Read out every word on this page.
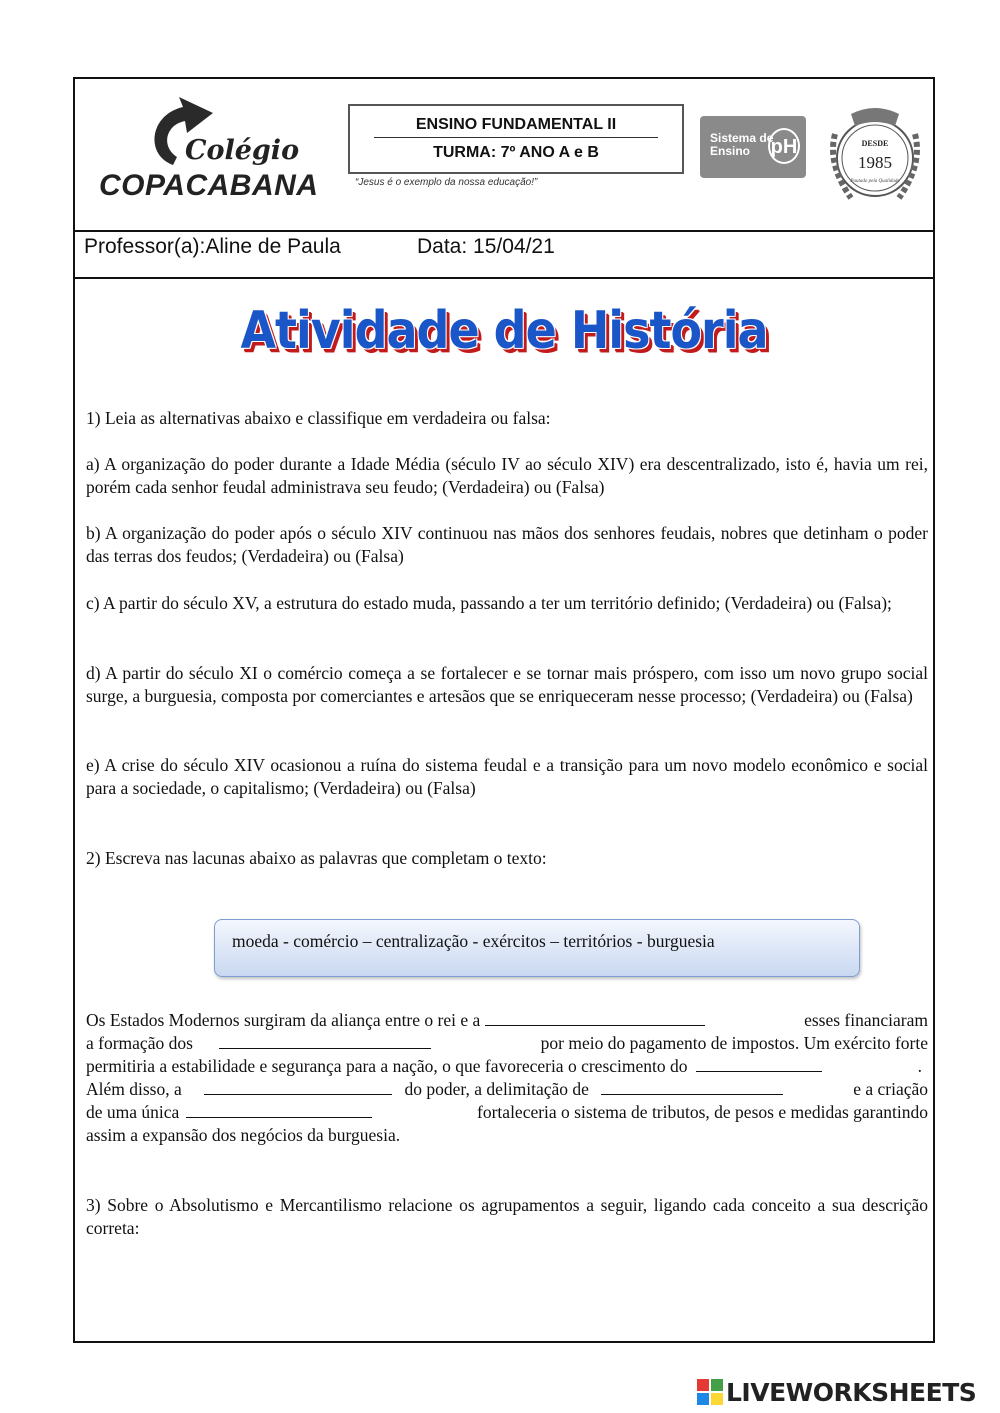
Colégio
COPACABANA
ENSINO FUNDAMENTAL II
TURMA: 7º ANO A e B
“Jesus é o exemplo da nossa educação!”
Sistema de Ensino	pH	DESDE
1985
Pautado pela Qualidade
Professor(a):Aline de Paula	Data: 15/04/21
Atividade de História
1) Leia as alternativas abaixo e classifique em verdadeira ou falsa:
a) A organização do poder durante a Idade Média (século IV ao século XIV) era descentralizado, isto é, havia um rei, porém cada senhor feudal administrava seu feudo; (Verdadeira) ou (Falsa)
b) A organização do poder após o século XIV continuou nas mãos dos senhores feudais, nobres que detinham o poder das terras dos feudos; (Verdadeira) ou (Falsa)
c) A partir do século XV, a estrutura do estado muda, passando a ter um território definido; (Verdadeira) ou (Falsa);
d) A partir do século XI o comércio começa a se fortalecer e se tornar mais próspero, com isso um novo grupo social surge, a burguesia, composta por comerciantes e artesãos que se enriqueceram nesse processo; (Verdadeira) ou (Falsa)
e) A crise do século XIV ocasionou a ruína do sistema feudal e a transição para um novo modelo econômico e social para a sociedade, o capitalismo; (Verdadeira) ou (Falsa)
2) Escreva nas lacunas abaixo as palavras que completam o texto:
moeda - comércio – centralização - exércitos – territórios - burguesia
Os Estados Modernos surgiram da aliança entre o rei e a	esses financiaram
a formação dos	por meio do pagamento de impostos. Um exército forte
permitiria a estabilidade e segurança para a nação, o que favoreceria o crescimento do	.
Além disso, a	do poder, a delimitação de	e a criação
de uma única	fortaleceria o sistema de tributos, de pesos e medidas garantindo
assim a expansão dos negócios da burguesia.
3) Sobre o Absolutismo e Mercantilismo relacione os agrupamentos a seguir, ligando cada conceito a sua descrição correta:
LIVEWORKSHEETS
